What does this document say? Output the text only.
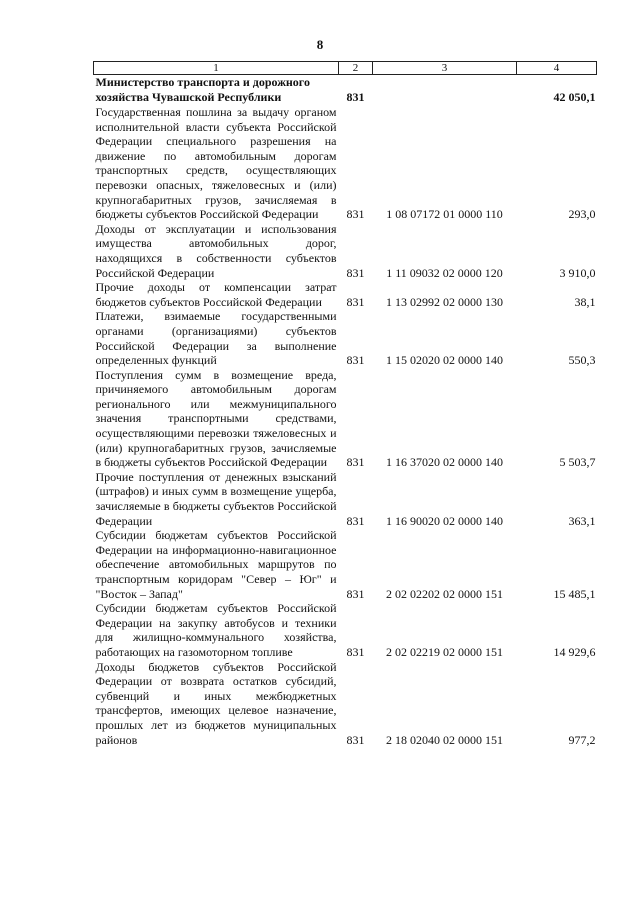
8
1	2	3	4
Министерство транспорта и дорожного хозяйства Чувашской Республики	831		42 050,1
Государственная пошлина за выдачу органом исполнительной власти субъекта Российской Федерации специального разрешения на движение по автомобильным дорогам транспортных средств, осуществляющих перевозки опасных, тяжеловесных и (или) крупногабаритных грузов, зачисляемая в бюджеты субъектов Российской Федерации	831	1 08 07172 01 0000 110	293,0
Доходы от эксплуатации и использования имущества автомобильных дорог, находящихся в собственности субъектов Российской Федерации	831	1 11 09032 02 0000 120	3 910,0
Прочие доходы от компенсации затрат бюджетов субъектов Российской Федерации	831	1 13 02992 02 0000 130	38,1
Платежи, взимаемые государственными органами (организациями) субъектов Российской Федерации за выполнение определенных функций	831	1 15 02020 02 0000 140	550,3
Поступления сумм в возмещение вреда, причиняемого автомобильным дорогам регионального или межмуниципального значения транспортными средствами, осуществляющими перевозки тяжеловесных и (или) крупногабаритных грузов, зачисляемые в бюджеты субъектов Российской Федерации	831	1 16 37020 02 0000 140	5 503,7
Прочие поступления от денежных взысканий (штрафов) и иных сумм в возмещение ущерба, зачисляемые в бюджеты субъектов Российской Федерации	831	1 16 90020 02 0000 140	363,1
Субсидии бюджетам субъектов Российской Федерации на информационно-навигационное обеспечение автомобильных маршрутов по транспортным коридорам "Север – Юг" и "Восток – Запад"	831	2 02 02202 02 0000 151	15 485,1
Субсидии бюджетам субъектов Российской Федерации на закупку автобусов и техники для жилищно-коммунального хозяйства, работающих на газомоторном топливе	831	2 02 02219 02 0000 151	14 929,6
Доходы бюджетов субъектов Российской Федерации от возврата остатков субсидий, субвенций и иных межбюджетных трансфертов, имеющих целевое назначение, прошлых лет из бюджетов муниципальных районов	831	2 18 02040 02 0000 151	977,2
